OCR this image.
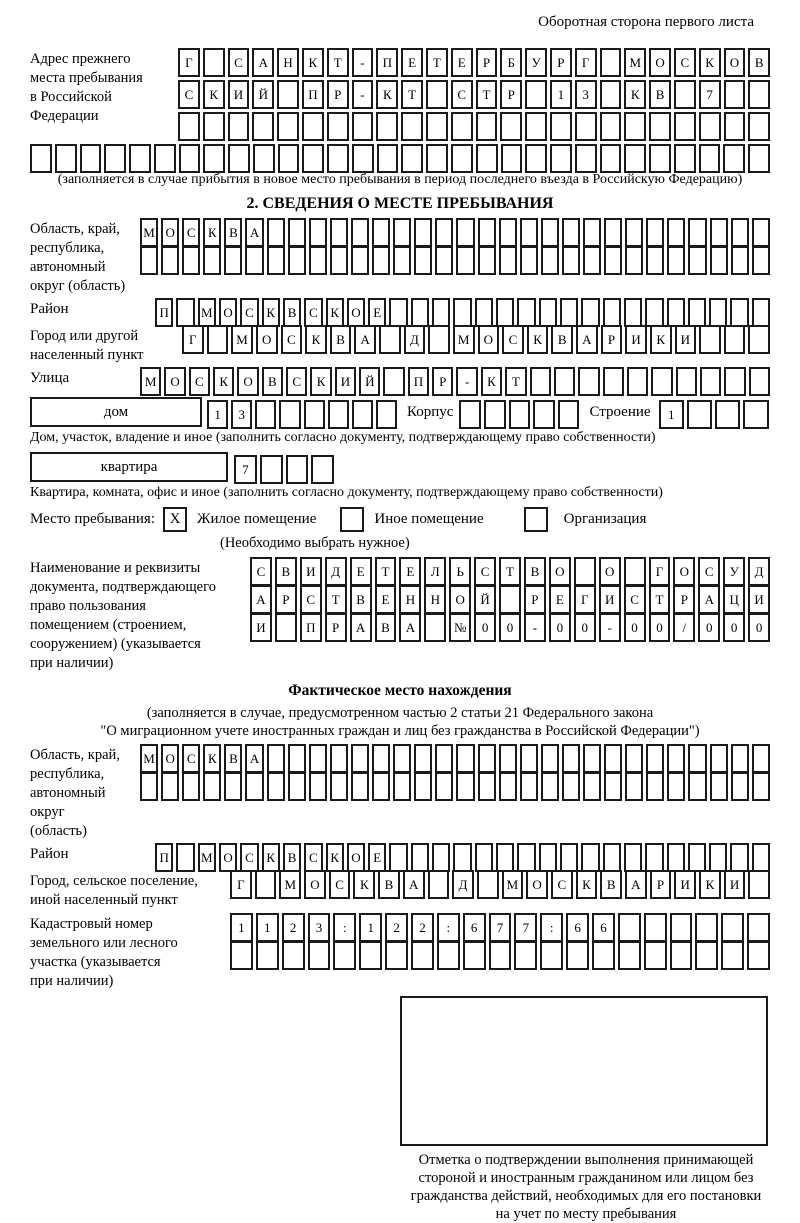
Оборотная сторона первого листа
Адрес прежнего
места пребывания
в Российской
Федерации
Г	С	А	Н	К	Т	-	П	Е	Т	Е	Р	Б	У	Р	Г	М	О	С	К	О	В
С	К	И	Й	П	Р	-	К	Т	С	Т	Р	1	3	К	В	7
(заполняется в случае прибытия в новое место пребывания в период последнего въезда в Российскую Федерацию)
2. СВЕДЕНИЯ О МЕСТЕ ПРЕБЫВАНИЯ
Область, край,
республика,
автономный
округ (область)
М О С К В А
Район	П	М О С К В С К О Е
Город или другой
населенный пункт
Г	М	О	С	К	В	А	Д	М	О	С	К	В	А	Р	И	К	И
Улица	М	О	С	К	О	В	С	К	И	Й	П	Р	-	К	Т
дом	1	3	Корпус	Строение	1
Дом, участок, владение и иное (заполнить согласно документу, подтверждающему право собственности)
квартира	7
Квартира, комната, офис и иное (заполнить согласно документу, подтверждающему право собственности)
Место пребывания: X	Жилое помещение	Иное помещение	Организация
(Необходимо выбрать нужное)
Наименование и реквизиты
документа, подтверждающего
право пользования
помещением (строением,
сооружением) (указывается
при наличии)
С	В	И	Д	Е	Т	Е	Л	Ь	С	Т	В	О	О	Г	О	С	У	Д
А	Р	С	Т	В	Е	Н	Н	О	Й	Р	Е	Г	И	С	Т	Р	А	Ц	И
И	П	Р	А	В	А	№	0	0	-	0	0	-	0	0	/	0	0	0
Фактическое место нахождения
(заполняется в случае, предусмотренном частью 2 статьи 21 Федерального закона
"О миграционном учете иностранных граждан и лиц без гражданства в Российской Федерации")
Область, край,
республика,
автономный округ
(область)
М О С К В А
Район	П	М О С К В С К О Е
Город, сельское поселение,
иной населенный пункт
Г	М	О	С	К	В	А	Д	М	О	С	К	В	А	Р	И	К	И
Кадастровый номер
земельного или лесного
участка (указывается
при наличии)
1	1	2	3	:	1	2	2	:	6	7	7	:	6	6
Отметка о подтверждении выполнения принимающей
стороной и иностранным гражданином или лицом без
гражданства действий, необходимых для его постановки
на учет по месту пребывания
